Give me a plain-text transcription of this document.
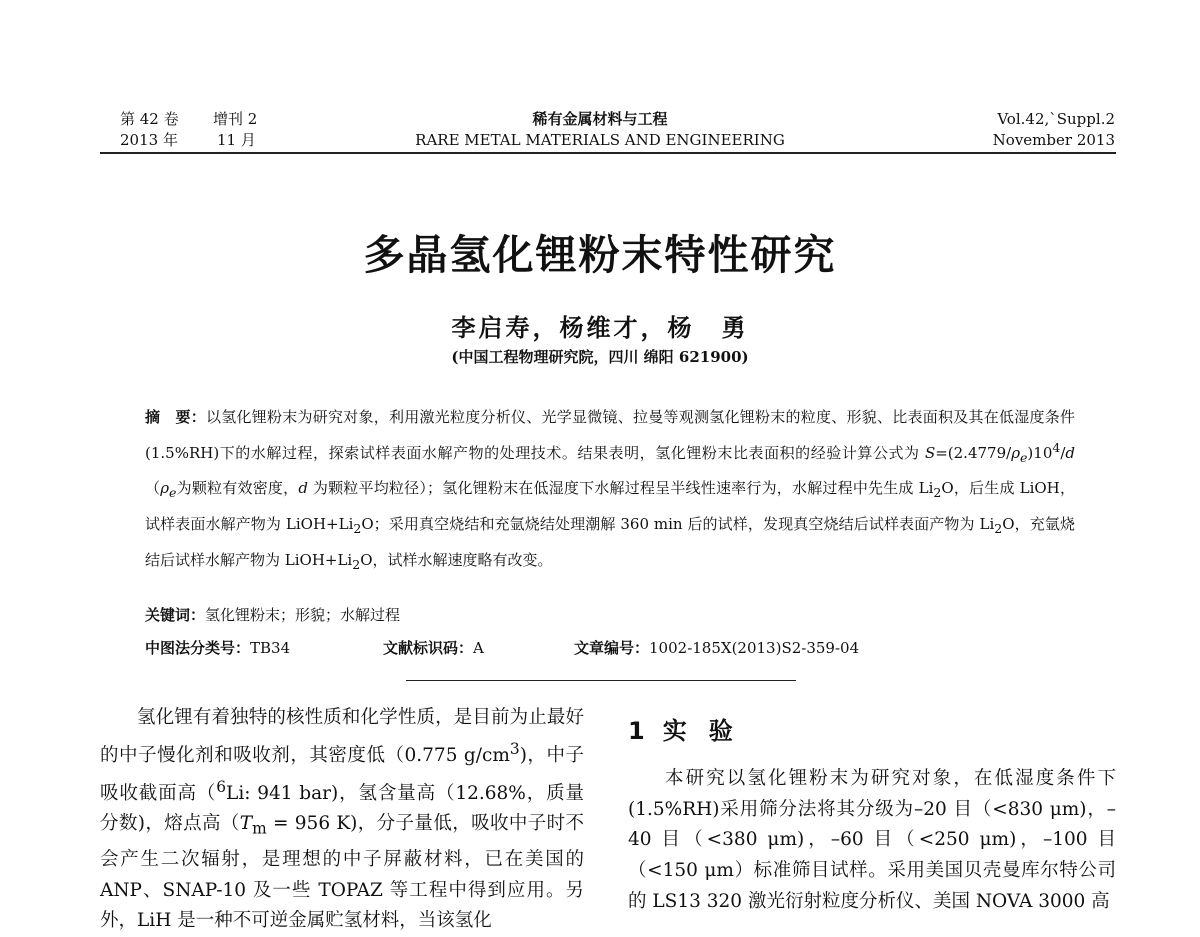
第 42 卷 增刊 2
2013 年	11 月
稀有金属材料与工程
RARE METAL MATERIALS AND ENGINEERING
Vol.42,`Suppl.2
November 2013
多晶氢化锂粉末特性研究
李启寿，杨维才，杨　勇
(中国工程物理研究院，四川 绵阳 621900)
摘　要：以氢化锂粉末为研究对象，利用激光粒度分析仪、光学显微镜、拉曼等观测氢化锂粉末的粒度、形貌、比表面积及其在低湿度条件(1.5%RH)下的水解过程，探索试样表面水解产物的处理技术。结果表明，氢化锂粉末比表面积的经验计算公式为 $S=(2.4779/\rho_e)10^4/d(\rho_e$为颗粒有效密度，d 为颗粒平均粒径）；氢化锂粉末在低湿度下水解过程呈半线性速率行为，水解过程中先生成 $Li_2O$，后生成 LiOH，试样表面水解产物为 $LiOH+Li_2O$；采用真空烧结和充氩烧结处理潮解 360 min 后的试样，发现真空烧结后试样表面产物为 $Li_2O$，充氩烧结后试样水解产物为 $LiOH+Li_2O$，试样水解速度略有改变。
关键词：氢化锂粉末；形貌；水解过程
中图法分类号：TB34	文献标识码：A	文章编号：1002-185X(2013)S2-359-04
氢化锂有着独特的核性质和化学性质，是目前为止最好的中子慢化剂和吸收剂，其密度低（0.775 $g/cm^3$)，中子吸收截面高（$^6$Li: 941 bar)，氢含量高（12.68%，质量分数)，熔点高（$T_m = 956$ K)，分子量低，吸收中子时不会产生二次辐射，是理想的中子屏蔽材料，已在美国的 ANP、SNAP-10 及一些 TOPAZ 等工程中得到应用。另外，LiH 是一种不可逆金属贮氢材料，当该氢化
1 实验
本研究以氢化锂粉末为研究对象，在低湿度条件下(1.5%RH)采用筛分法将其分级为–20 目（<830 μm)，–40 目（<380 μm)，–60 目（<250 μm)，–100 目（<150 μm）标准筛目试样。采用美国贝壳曼库尔特公司的 LS13 320 激光衍射粒度分析仪、美国 NOVA 3000 高
